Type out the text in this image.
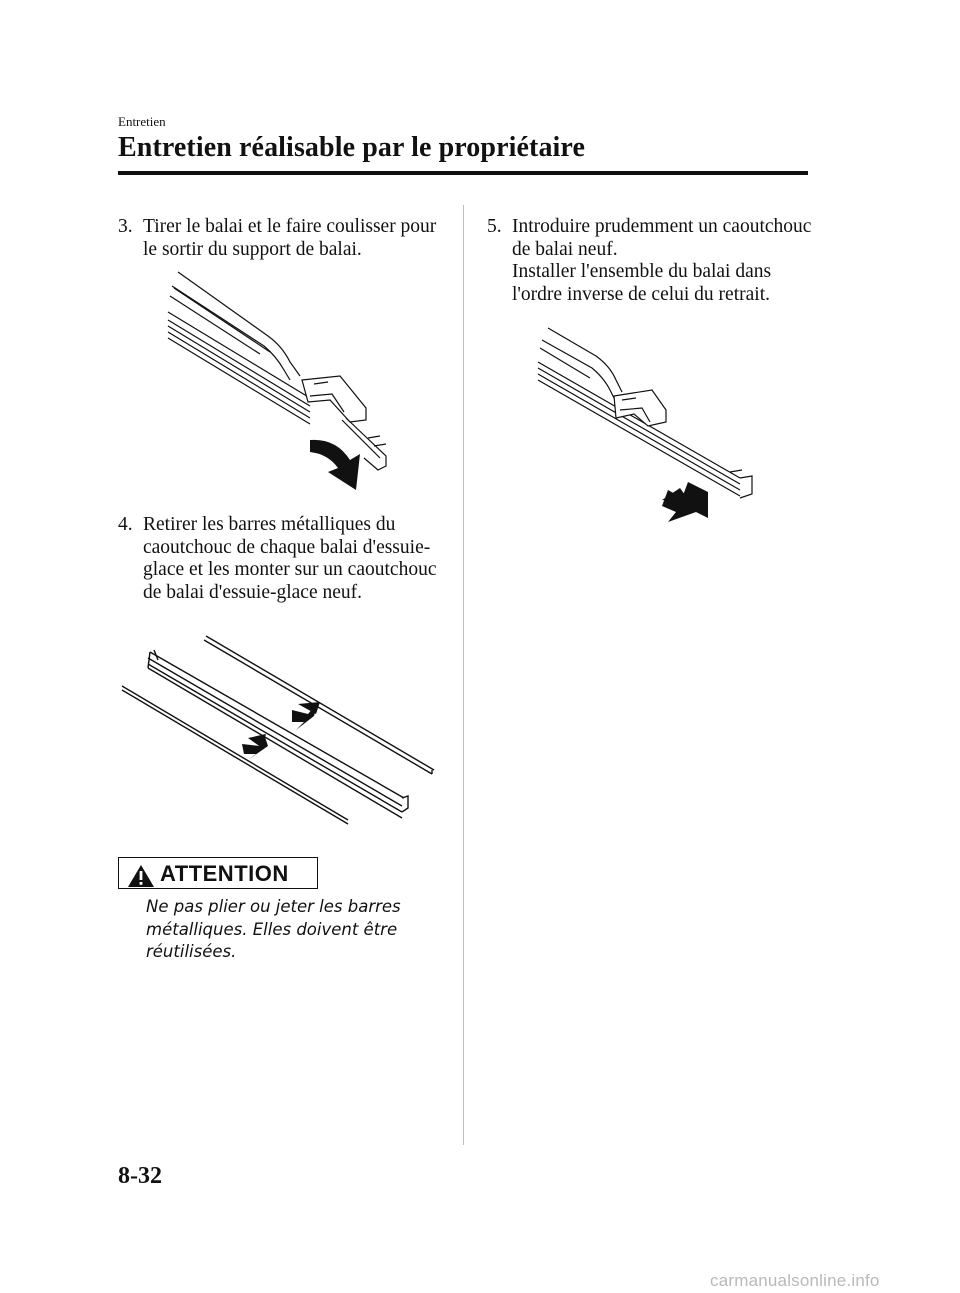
Entretien
Entretien réalisable par le propriétaire
3. Tirer le balai et le faire coulisser pour
le sortir du support de balai.
4. Retirer les barres métalliques du
caoutchouc de chaque balai d'essuie-
glace et les monter sur un caoutchouc
de balai d'essuie-glace neuf.
ATTENTION
Ne pas plier ou jeter les barres
métalliques. Elles doivent être
réutilisées.
5. Introduire prudemment un caoutchouc
de balai neuf.
Installer l'ensemble du balai dans
l'ordre inverse de celui du retrait.
8-32
carmanualsonline.info
